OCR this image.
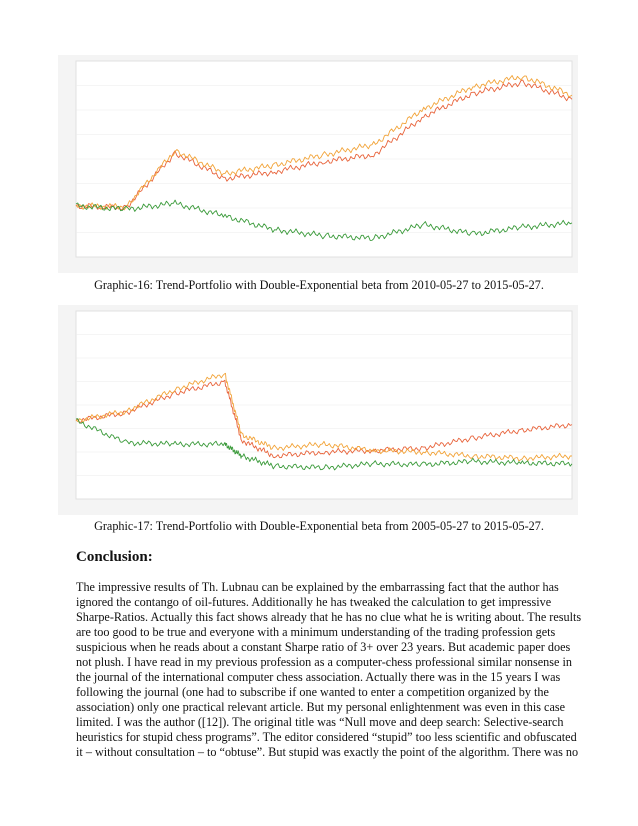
Graphic-16: Trend-Portfolio with Double-Exponential beta from 2010-05-27 to 2015-05-27.
Graphic-17: Trend-Portfolio with Double-Exponential beta from 2005-05-27 to 2015-05-27.
Conclusion:
The impressive results of Th. Lubnau can be explained by the embarrassing fact that the author has
ignored the contango of oil-futures. Additionally he has tweaked the calculation to get impressive
Sharpe-Ratios. Actually this fact shows already that he has no clue what he is writing about. The results
are too good to be true and everyone with a minimum understanding of the trading profession gets
suspicious when he reads about a constant Sharpe ratio of 3+ over 23 years. But academic paper does
not plush. I have read in my previous profession as a computer-chess professional similar nonsense in
the journal of the international computer chess association. Actually there was in the 15 years I was
following the journal (one had to subscribe if one wanted to enter a competition organized by the
association) only one practical relevant article. But my personal enlightenment was even in this case
limited. I was the author ([12]). The original title was “Null move and deep search: Selective-search
heuristics for stupid chess programs”. The editor considered “stupid” too less scientific and obfuscated
it – without consultation – to “obtuse”. But stupid was exactly the point of the algorithm. There was no
